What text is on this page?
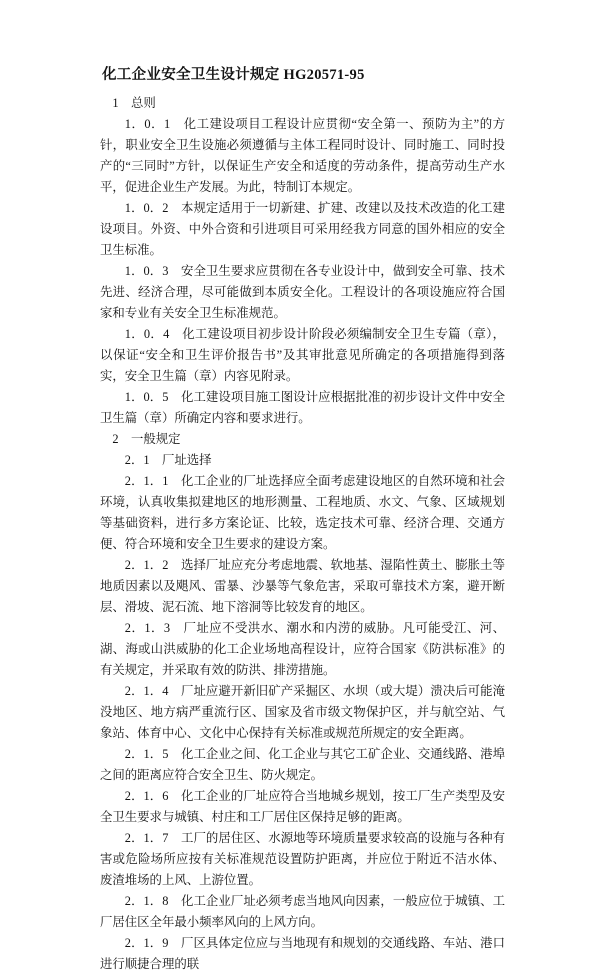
化工企业安全卫生设计规定 HG20571-95

1　总则

1．0．1　化工建设项目工程设计应贯彻“安全第一、预防为主”的方针，职业安全卫生设施必须遵循与主体工程同时设计、同时施工、同时投产的“三同时”方针，以保证生产安全和适度的劳动条件，提高劳动生产水平，促进企业生产发展。为此，特制订本规定。

1．0．2　本规定适用于一切新建、扩建、改建以及技术改造的化工建设项目。外资、中外合资和引进项目可采用经我方同意的国外相应的安全卫生标准。

1．0．3　安全卫生要求应贯彻在各专业设计中，做到安全可靠、技术先进、经济合理，尽可能做到本质安全化。工程设计的各项设施应符合国家和专业有关安全卫生标准规范。

1．0．4　化工建设项目初步设计阶段必须编制安全卫生专篇（章），以保证“安全和卫生评价报告书”及其审批意见所确定的各项措施得到落实，安全卫生篇（章）内容见附录。

1．0．5　化工建设项目施工图设计应根据批准的初步设计文件中安全卫生篇（章）所确定内容和要求进行。

2　一般规定

2．1　厂址选择

2．1．1　化工企业的厂址选择应全面考虑建设地区的自然环境和社会环境，认真收集拟建地区的地形测量、工程地质、水文、气象、区域规划等基础资料，进行多方案论证、比较，选定技术可靠、经济合理、交通方便、符合环境和安全卫生要求的建设方案。

2．1．2　选择厂址应充分考虑地震、软地基、湿陷性黄土、膨胀土等地质因素以及飓风、雷暴、沙暴等气象危害，采取可靠技术方案，避开断层、滑坡、泥石流、地下溶洞等比较发育的地区。

2．1．3　厂址应不受洪水、潮水和内涝的威胁。凡可能受江、河、湖、海或山洪威胁的化工企业场地高程设计，应符合国家《防洪标准》的有关规定，并采取有效的防洪、排涝措施。

2．1．4　厂址应避开新旧矿产采掘区、水坝（或大堤）溃决后可能淹没地区、地方病严重流行区、国家及省市级文物保护区，并与航空站、气象站、体育中心、文化中心保持有关标准或规范所规定的安全距离。

2．1．5　化工企业之间、化工企业与其它工矿企业、交通线路、港埠之间的距离应符合安全卫生、防火规定。

2．1．6　化工企业的厂址应符合当地城乡规划，按工厂生产类型及安全卫生要求与城镇、村庄和工厂居住区保持足够的距离。

2．1．7　工厂的居住区、水源地等环境质量要求较高的设施与各种有害或危险场所应按有关标准规范设置防护距离，并应位于附近不洁水体、废渣堆场的上风、上游位置。

2．1．8　化工企业厂址必须考虑当地风向因素，一般应位于城镇、工厂居住区全年最小频率风向的上风方向。

2．1．9　厂区具体定位应与当地现有和规划的交通线路、车站、港口进行顺捷合理的联
